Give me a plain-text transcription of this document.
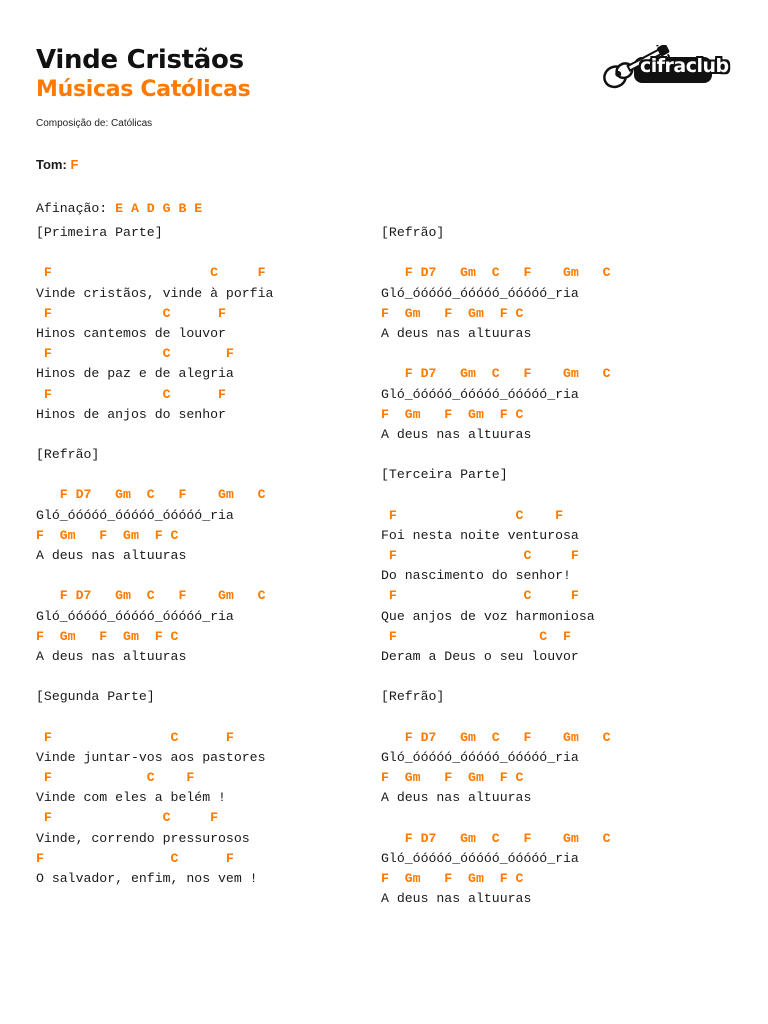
Vinde Cristãos
Músicas Católicas
Composição de: Católicas
cifraclub
Tom: F
Afinação: E A D G B E
[Primeira Parte]
F                    C     F
Vinde cristãos, vinde à porfia
F              C      F
Hinos cantemos de louvor
F              C       F
Hinos de paz e de alegria
F              C      F
Hinos de anjos do senhor
[Refrão]
F D7   Gm  C   F    Gm   C
Gló_óóóóó_óóóóó_óóóóó_ria
F  Gm   F  Gm  F C
A deus nas altuuras
F D7   Gm  C   F    Gm   C
Gló_óóóóó_óóóóó_óóóóó_ria
F  Gm   F  Gm  F C
A deus nas altuuras
[Segunda Parte]
F               C      F
Vinde juntar-vos aos pastores
F            C    F
Vinde com eles a belém !
F              C     F
Vinde, correndo pressurosos
F                C      F
O salvador, enfim, nos vem !
[Refrão]
F D7   Gm  C   F    Gm   C
Gló_óóóóó_óóóóó_óóóóó_ria
F  Gm   F  Gm  F C
A deus nas altuuras
F D7   Gm  C   F    Gm   C
Gló_óóóóó_óóóóó_óóóóó_ria
F  Gm   F  Gm  F C
A deus nas altuuras
[Terceira Parte]
F               C    F
Foi nesta noite venturosa
F                C     F
Do nascimento do senhor!
F                C     F
Que anjos de voz harmoniosa
F                  C  F
Deram a Deus o seu louvor
[Refrão]
F D7   Gm  C   F    Gm   C
Gló_óóóóó_óóóóó_óóóóó_ria
F  Gm   F  Gm  F C
A deus nas altuuras
F D7   Gm  C   F    Gm   C
Gló_óóóóó_óóóóó_óóóóó_ria
F  Gm   F  Gm  F C
A deus nas altuuras
